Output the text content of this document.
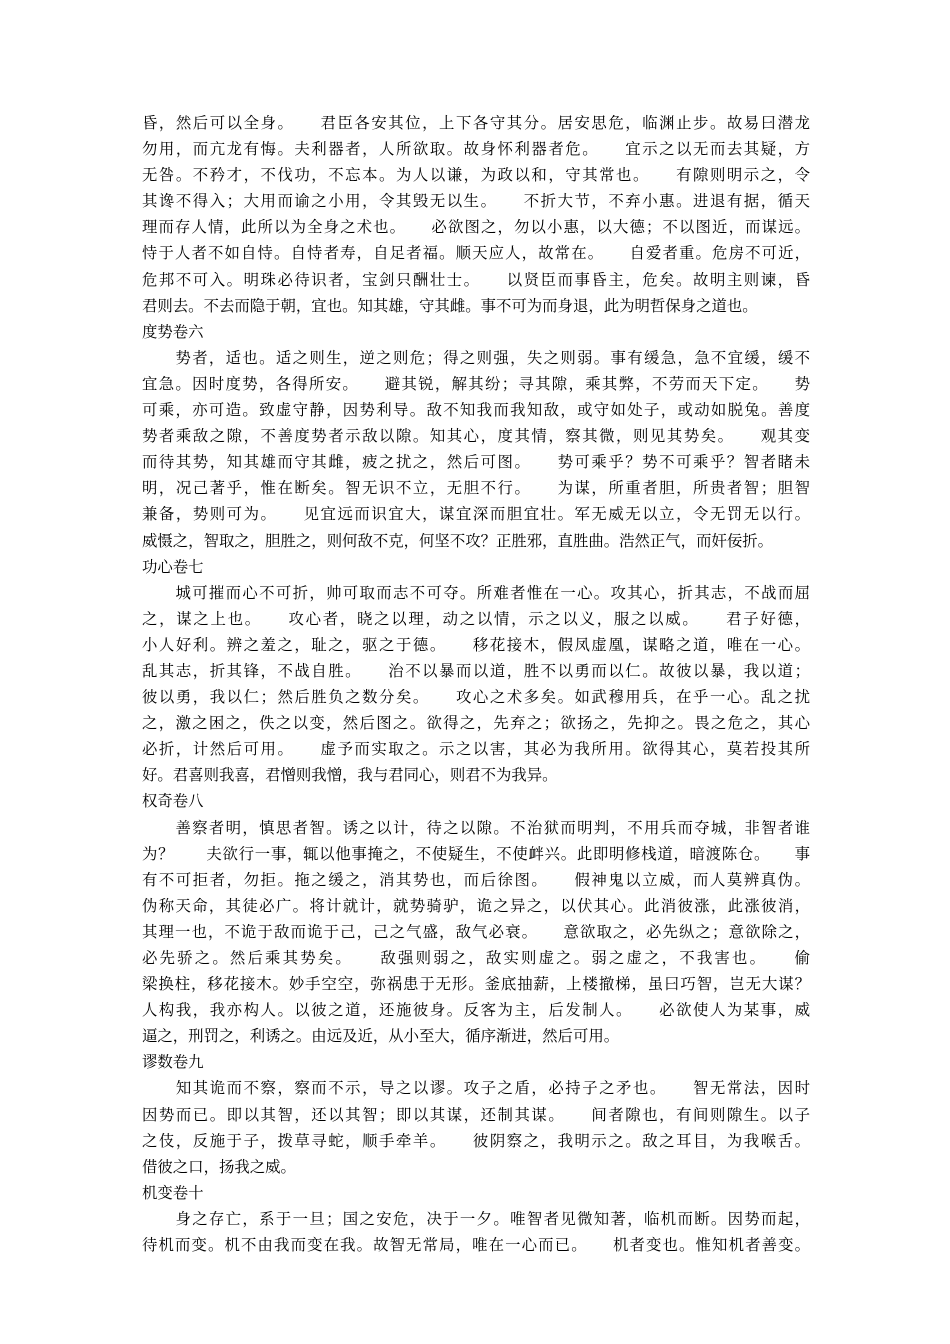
昏，然后可以全身。　　君臣各安其位，上下各守其分。居安思危，临渊止步。故易曰潜龙
勿用，而亢龙有悔。夫利器者，人所欲取。故身怀利器者危。　　宜示之以无而去其疑，方
无咎。不矜才，不伐功，不忘本。为人以谦，为政以和，守其常也。　　有隙则明示之，令
其谗不得入；大用而谕之小用，令其毁无以生。　　不折大节，不弃小惠。进退有据，循天
理而存人情，此所以为全身之术也。　　必欲图之，勿以小惠，以大德；不以图近，而谋远。
恃于人者不如自恃。自恃者寿，自足者福。顺天应人，故常在。　　自爱者重。危房不可近，
危邦不可入。明珠必待识者，宝剑只酬壮士。　　以贤臣而事昏主，危矣。故明主则谏，昏
君则去。不去而隐于朝，宜也。知其雄，守其雌。事不可为而身退，此为明哲保身之道也。
度势卷六
　　势者，适也。适之则生，逆之则危；得之则强，失之则弱。事有缓急，急不宜缓，缓不
宜急。因时度势，各得所安。　　避其锐，解其纷；寻其隙，乘其弊，不劳而天下定。　　势
可乘，亦可造。致虚守静，因势利导。敌不知我而我知敌，或守如处子，或动如脱兔。善度
势者乘敌之隙，不善度势者示敌以隙。知其心，度其情，察其微，则见其势矣。　　观其变
而待其势，知其雄而守其雌，疲之扰之，然后可图。　　势可乘乎？势不可乘乎？智者睹未
明，况己著乎，惟在断矣。智无识不立，无胆不行。　　为谋，所重者胆，所贵者智；胆智
兼备，势则可为。　　见宜远而识宜大，谋宜深而胆宜壮。军无威无以立，令无罚无以行。
威慑之，智取之，胆胜之，则何敌不克，何坚不攻？正胜邪，直胜曲。浩然正气，而奸佞折。
功心卷七
　　城可摧而心不可折，帅可取而志不可夺。所难者惟在一心。攻其心，折其志，不战而屈
之，谋之上也。　　攻心者，晓之以理，动之以情，示之以义，服之以威。　　君子好德，
小人好利。辨之羞之，耻之，驱之于德。　　移花接木，假凤虚凰，谋略之道，唯在一心。
乱其志，折其锋，不战自胜。　　治不以暴而以道，胜不以勇而以仁。故彼以暴，我以道；
彼以勇，我以仁；然后胜负之数分矣。　　攻心之术多矣。如武穆用兵，在乎一心。乱之扰
之，激之困之，佚之以变，然后图之。欲得之，先弃之；欲扬之，先抑之。畏之危之，其心
必折，计然后可用。　　虚予而实取之。示之以害，其必为我所用。欲得其心，莫若投其所
好。君喜则我喜，君憎则我憎，我与君同心，则君不为我异。
权奇卷八
　　善察者明，慎思者智。诱之以计，待之以隙。不治狱而明判，不用兵而夺城，非智者谁
为？　　夫欲行一事，辄以他事掩之，不使疑生，不使衅兴。此即明修栈道，暗渡陈仓。　　事
有不可拒者，勿拒。拖之缓之，消其势也，而后徐图。　　假神鬼以立威，而人莫辨真伪。
伪称天命，其徒必广。将计就计，就势骑驴，诡之异之，以伏其心。此消彼涨，此涨彼消，
其理一也，不诡于敌而诡于己，己之气盛，敌气必衰。　　意欲取之，必先纵之；意欲除之，
必先骄之。然后乘其势矣。　　敌强则弱之，敌实则虚之。弱之虚之，不我害也。　　偷
梁换柱，移花接木。妙手空空，弥祸患于无形。釜底抽薪，上楼撤梯，虽曰巧智，岂无大谋？
人构我，我亦构人。以彼之道，还施彼身。反客为主，后发制人。　　必欲使人为某事，威
逼之，刑罚之，利诱之。由远及近，从小至大，循序渐进，然后可用。
谬数卷九
　　知其诡而不察，察而不示，导之以谬。攻子之盾，必持子之矛也。　　智无常法，因时
因势而已。即以其智，还以其智；即以其谋，还制其谋。　　间者隙也，有间则隙生。以子
之伎，反施于子，拨草寻蛇，顺手牵羊。　　彼阴察之，我明示之。敌之耳目，为我喉舌。
借彼之口，扬我之威。
机变卷十
　　身之存亡，系于一旦；国之安危，决于一夕。唯智者见微知著，临机而断。因势而起，
待机而变。机不由我而变在我。故智无常局，唯在一心而已。　　机者变也。惟知机者善变。
